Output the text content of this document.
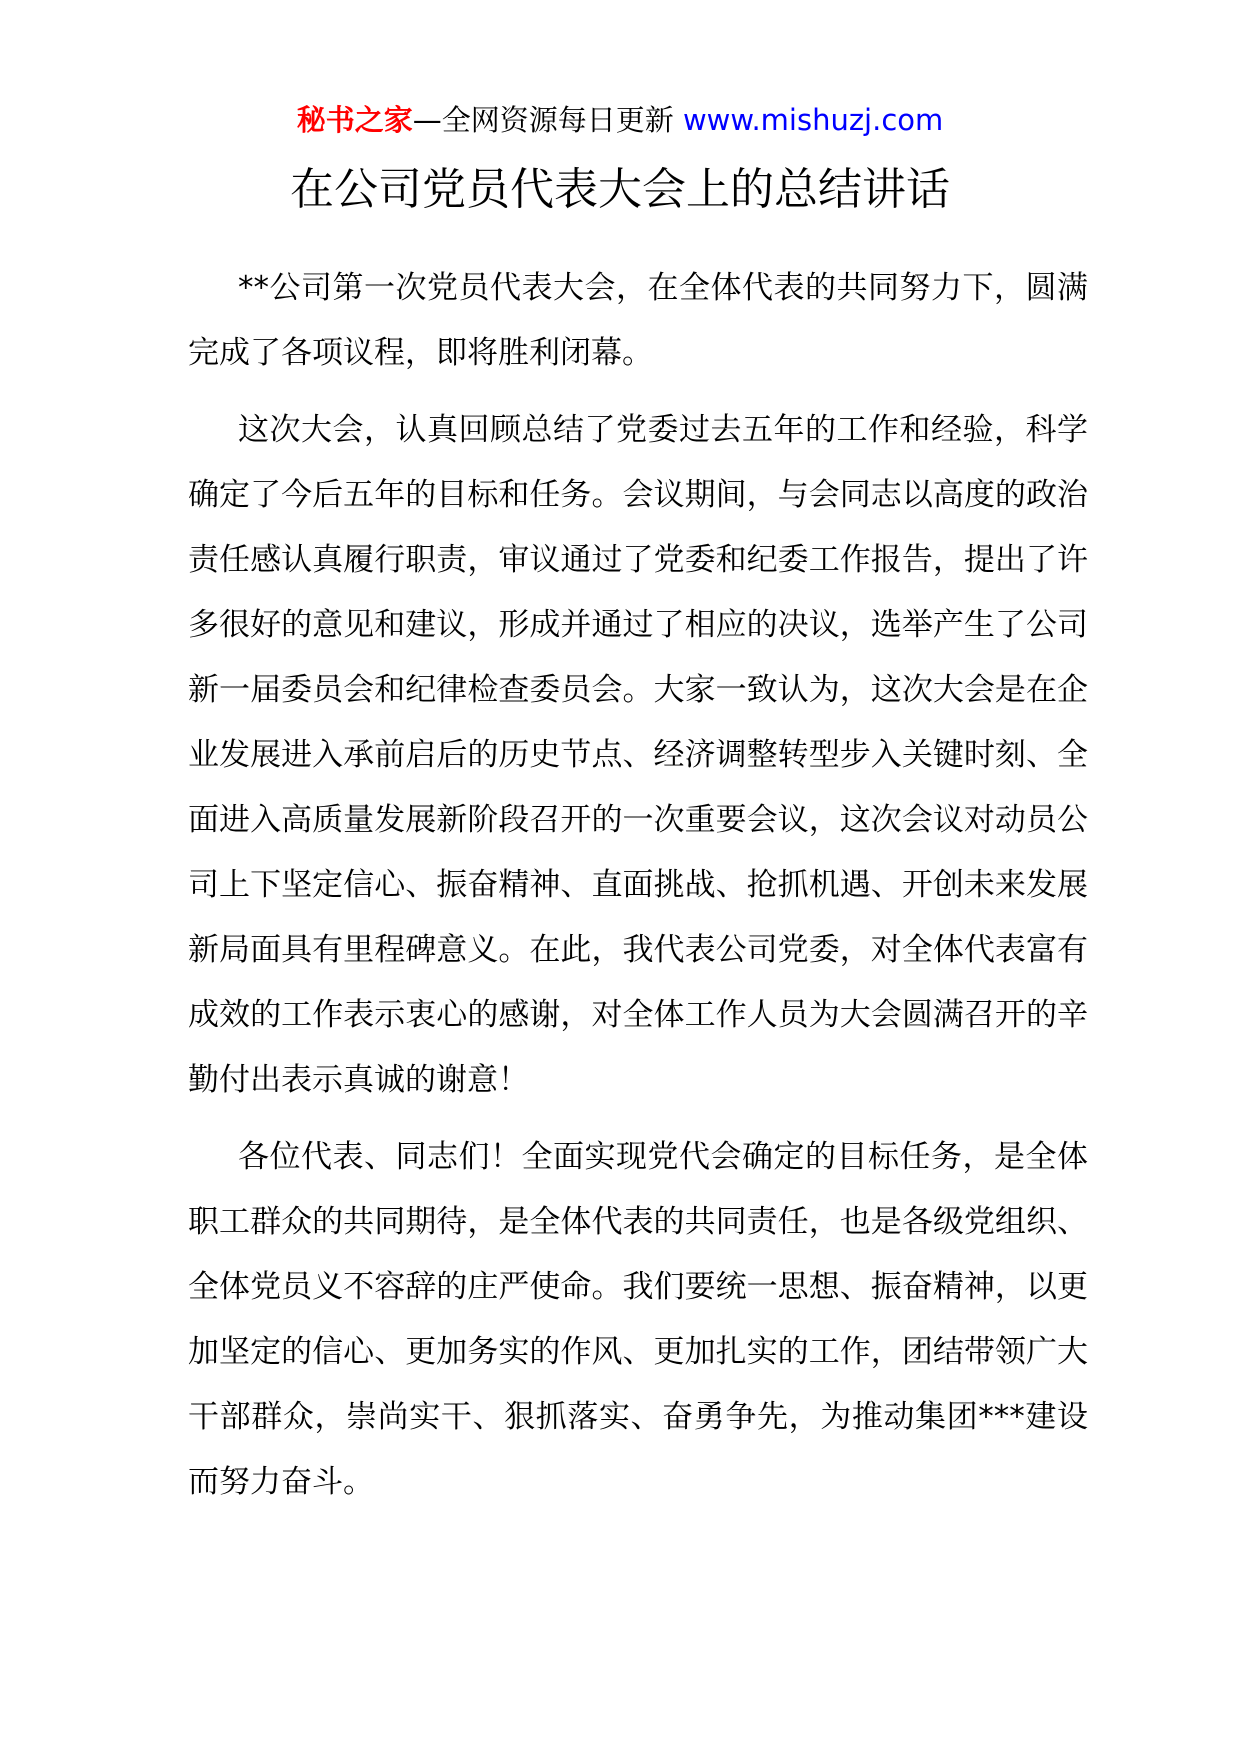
秘书之家—全网资源每日更新 www.mishuzj.com
在公司党员代表大会上的总结讲话

**公司第一次党员代表大会，在全体代表的共同努力下，圆满完成了各项议程，即将胜利闭幕。

这次大会，认真回顾总结了党委过去五年的工作和经验，科学确定了今后五年的目标和任务。会议期间，与会同志以高度的政治责任感认真履行职责，审议通过了党委和纪委工作报告，提出了许多很好的意见和建议，形成并通过了相应的决议，选举产生了公司新一届委员会和纪律检查委员会。大家一致认为，这次大会是在企业发展进入承前启后的历史节点、经济调整转型步入关键时刻、全面进入高质量发展新阶段召开的一次重要会议，这次会议对动员公司上下坚定信心、振奋精神、直面挑战、抢抓机遇、开创未来发展新局面具有里程碑意义。在此，我代表公司党委，对全体代表富有成效的工作表示衷心的感谢，对全体工作人员为大会圆满召开的辛勤付出表示真诚的谢意！

各位代表、同志们！全面实现党代会确定的目标任务，是全体职工群众的共同期待，是全体代表的共同责任，也是各级党组织、全体党员义不容辞的庄严使命。我们要统一思想、振奋精神，以更加坚定的信心、更加务实的作风、更加扎实的工作，团结带领广大干部群众，崇尚实干、狠抓落实、奋勇争先，为推动集团***建设而努力奋斗。
